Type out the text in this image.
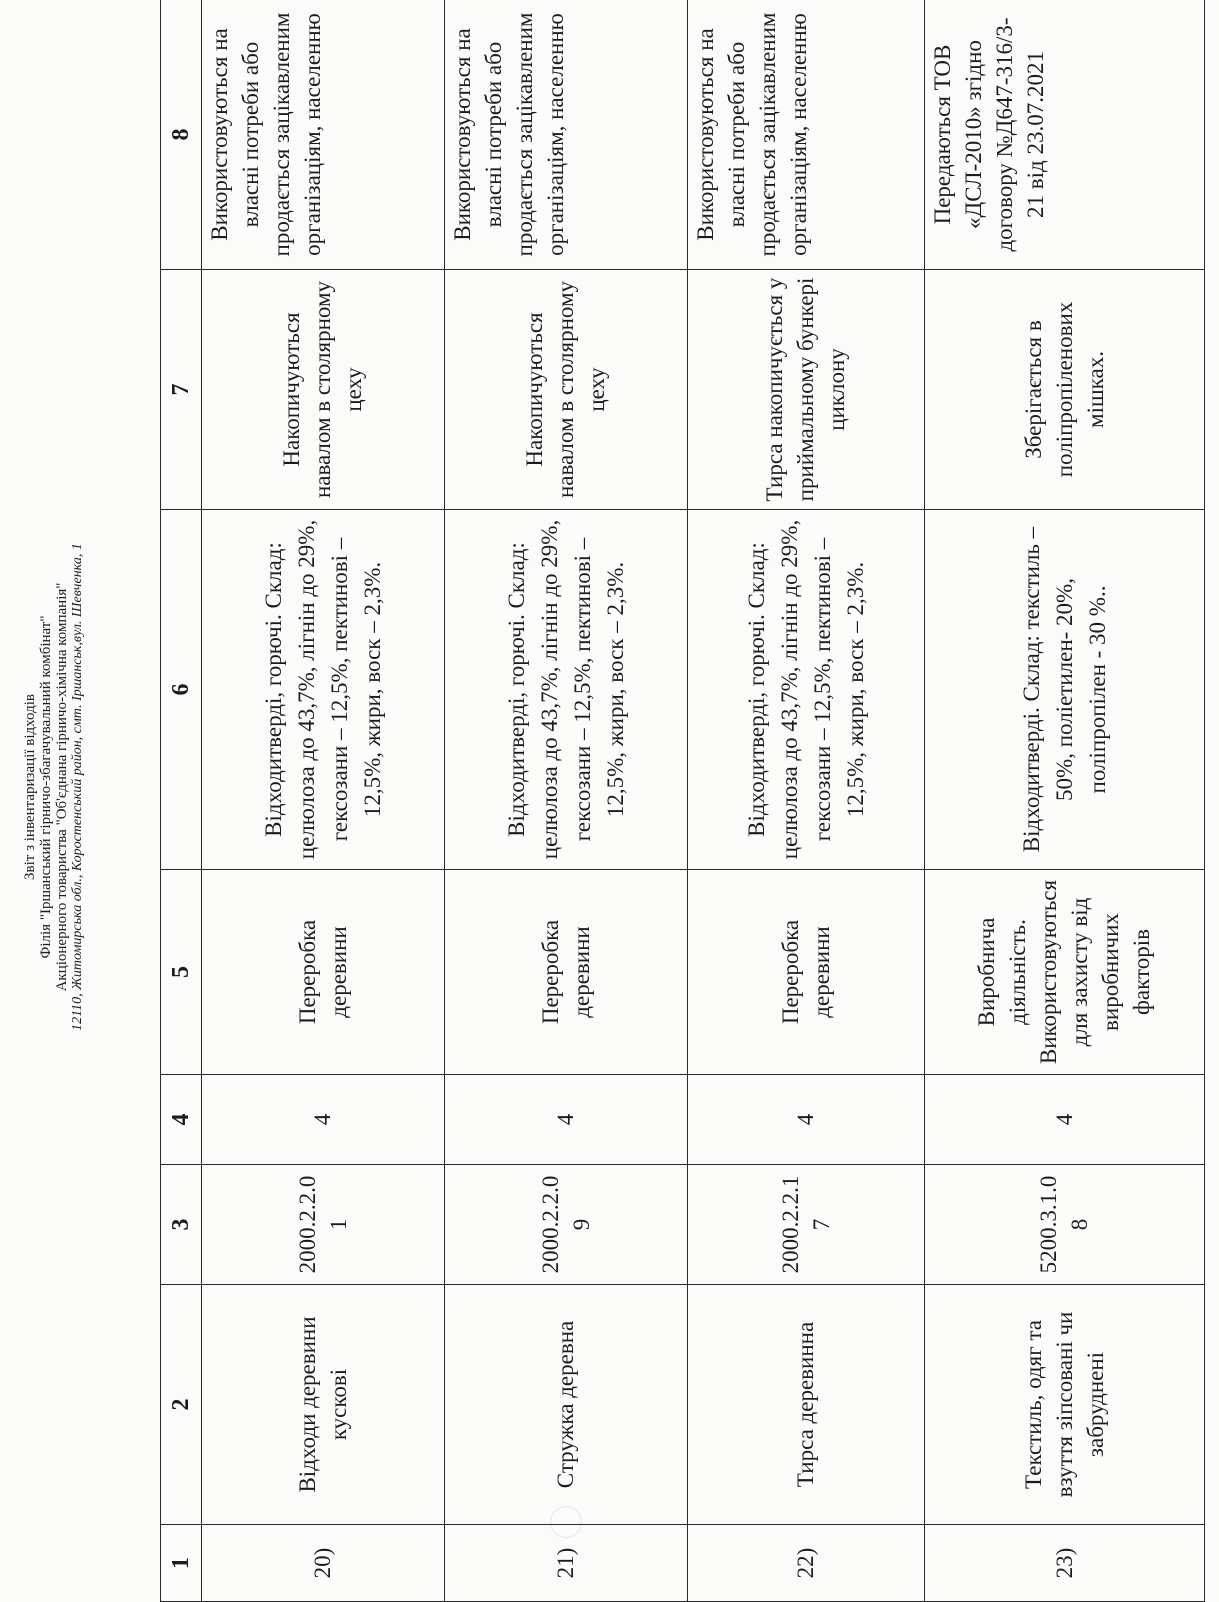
Звіт з інвентаризації відходів Філія "Іршанський гірничо-збагачувальний комбінат" Акціонерного товариства "Об'єднана гірничо-хімічна компанія" 12110, Житомирська обл., Коростенський район, смт. Іршанськ,вул. Шевченка, 1
1	2	3	4	5	6	7	8
20)	Відходи деревини кускові	2000.2.2.0 1	4	Переробка деревини	Відходитверді, горючі. Склад: целюлоза до 43,7%, лігнін до 29%, гексозани – 12,5%, пектинові – 12,5%, жири, воск – 2,3%.	Накопичуються навалом в столярному цеху	Використовуються на власні потреби або продається зацікавленим організаціям, населенню
21)	Стружка деревна	2000.2.2.0 9	4	Переробка деревини	Відходитверді, горючі. Склад: целюлоза до 43,7%, лігнін до 29%, гексозани – 12,5%, пектинові – 12,5%, жири, воск – 2,3%.	Накопичуються навалом в столярному цеху	Використовуються на власні потреби або продається зацікавленим організаціям, населенню
22)	Тирса деревинна	2000.2.2.1 7	4	Переробка деревини	Відходитверді, горючі. Склад: целюлоза до 43,7%, лігнін до 29%, гексозани – 12,5%, пектинові – 12,5%, жири, воск – 2,3%.	Тирса накопичується у приймальному бункері циклону	Використовуються на власні потреби або продається зацікавленим організаціям, населенню
23)	Текстиль, одяг та взуття зіпсовані чи забруднені	5200.3.1.0 8	4	Виробнича діяльність. Використовуються для захисту від виробничих факторів	Відходитверді. Склад: текстиль – 50%, поліетилен- 20%, поліпропілен - 30 %..	Зберігається в поліпропіленових мішках.	Передаються ТОВ «ДСЛ-2010» згідно договору №Д647-316/3-21 від 23.07.2021
